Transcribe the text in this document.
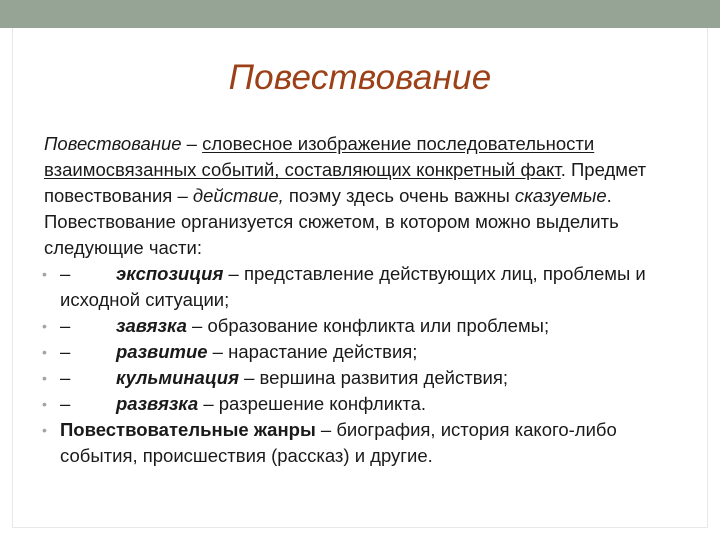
Повествование

Повествование – словесное изображение последовательности взаимосвязанных событий, составляющих конкретный факт. Предмет повествования – действие, поэму здесь очень важны сказуемые.

Повествование организуется сюжетом, в котором можно выделить следующие части:

• – экспозиция – представление действующих лиц, проблемы и исходной ситуации;
• – завязка – образование конфликта или проблемы;
• – развитие – нарастание действия;
• – кульминация – вершина развития действия;
• – развязка – разрешение конфликта.
• Повествовательные жанры – биография, история какого-либо события, происшествия (рассказ) и другие.
